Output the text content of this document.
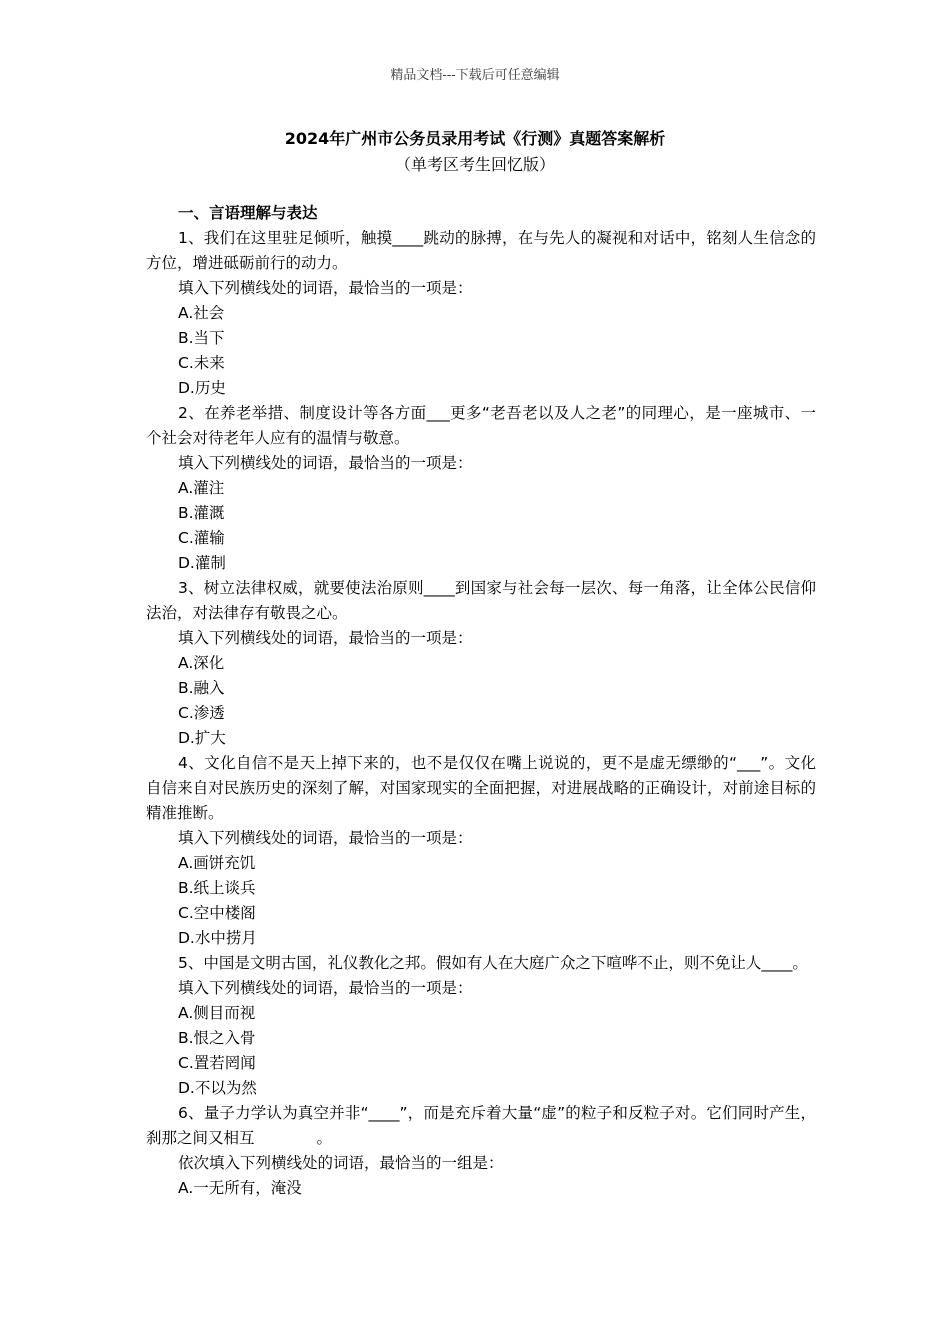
精品文档---下载后可任意编辑
2024年广州市公务员录用考试《行测》真题答案解析
（单考区考生回忆版）
一、言语理解与表达
1、我们在这里驻足倾听，触摸____跳动的脉搏，在与先人的凝视和对话中，铭刻人生信念的方位，增进砥砺前行的动力。
填入下列横线处的词语，最恰当的一项是：
A.社会
B.当下
C.未来
D.历史
2、在养老举措、制度设计等各方面___更多“老吾老以及人之老”的同理心，是一座城市、一个社会对待老年人应有的温情与敬意。
填入下列横线处的词语，最恰当的一项是：
A.灌注
B.灌溉
C.灌输
D.灌制
3、树立法律权威，就要使法治原则____到国家与社会每一层次、每一角落，让全体公民信仰法治，对法律存有敬畏之心。
填入下列横线处的词语，最恰当的一项是：
A.深化
B.融入
C.渗透
D.扩大
4、文化自信不是天上掉下来的，也不是仅仅在嘴上说说的，更不是虚无缥缈的“___”。文化自信来自对民族历史的深刻了解，对国家现实的全面把握，对进展战略的正确设计，对前途目标的精准推断。
填入下列横线处的词语，最恰当的一项是：
A.画饼充饥
B.纸上谈兵
C.空中楼阁
D.水中捞月
5、中国是文明古国，礼仪教化之邦。假如有人在大庭广众之下喧哗不止，则不免让人____。
填入下列横线处的词语，最恰当的一项是：
A.侧目而视
B.恨之入骨
C.置若罔闻
D.不以为然
6、量子力学认为真空并非“____”，而是充斥着大量“虚”的粒子和反粒子对。它们同时产生，刹那之间又相互　　　　。
依次填入下列横线处的词语，最恰当的一组是：
A.一无所有，淹没
